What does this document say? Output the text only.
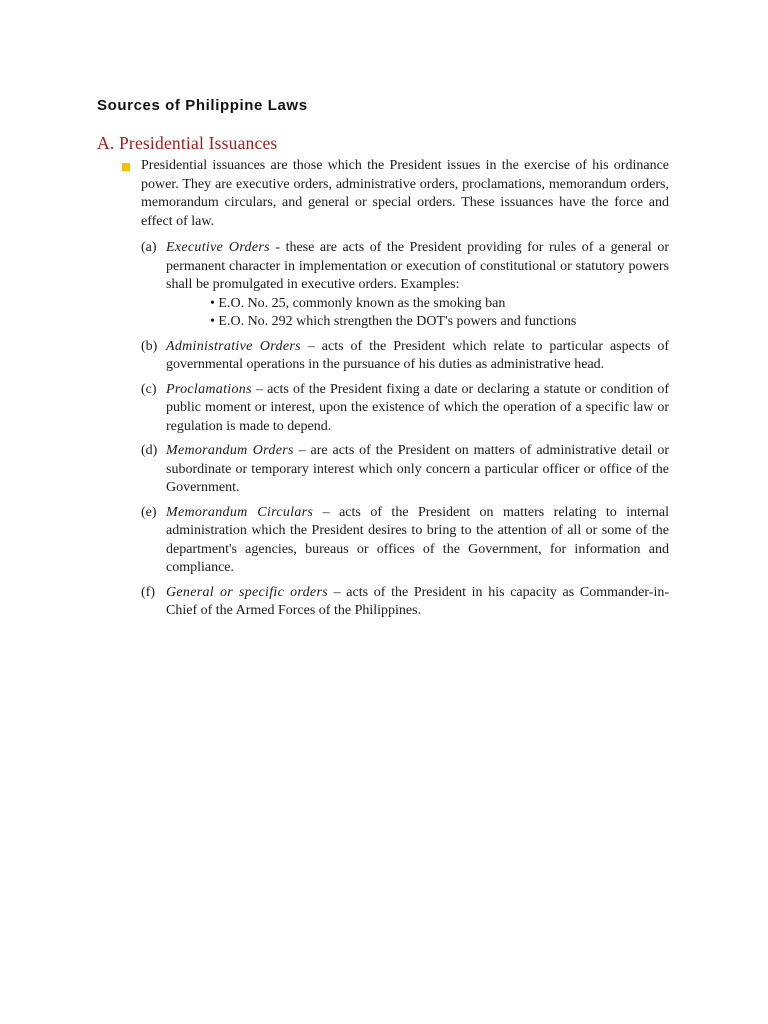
Sources of Philippine Laws
A. Presidential Issuances

Presidential issuances are those which the President issues in the exercise of his ordinance power. They are executive orders, administrative orders, proclamations, memorandum orders, memorandum circulars, and general or special orders. These issuances have the force and effect of law.

(a) Executive Orders - these are acts of the President providing for rules of a general or permanent character in implementation or execution of constitutional or statutory powers shall be promulgated in executive orders. Examples:
• E.O. No. 25, commonly known as the smoking ban
• E.O. No. 292 which strengthen the DOT's powers and functions
(b) Administrative Orders – acts of the President which relate to particular aspects of governmental operations in the pursuance of his duties as administrative head.
(c) Proclamations – acts of the President fixing a date or declaring a statute or condition of public moment or interest, upon the existence of which the operation of a specific law or regulation is made to depend.
(d) Memorandum Orders – are acts of the President on matters of administrative detail or subordinate or temporary interest which only concern a particular officer or office of the Government.
(e) Memorandum Circulars – acts of the President on matters relating to internal administration which the President desires to bring to the attention of all or some of the department's agencies, bureaus or offices of the Government, for information and compliance.
(f) General or specific orders – acts of the President in his capacity as Commander-in-Chief of the Armed Forces of the Philippines.
